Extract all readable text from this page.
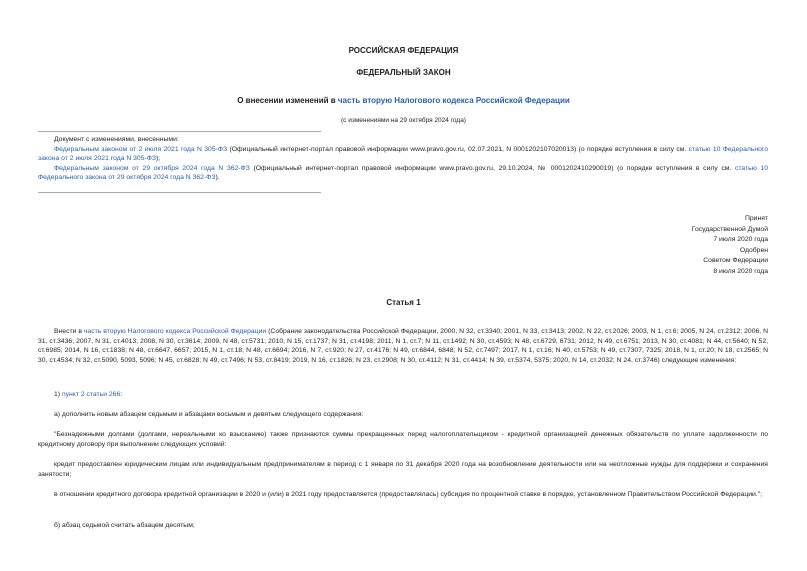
РОССИЙСКАЯ ФЕДЕРАЦИЯ
ФЕДЕРАЛЬНЫЙ ЗАКОН
О внесении изменений в часть вторую Налогового кодекса Российской Федерации
(с изменениями на 29 октября 2024 года)
Документ с изменениями, внесенными:
Федеральным законом от 2 июля 2021 года N 305-ФЗ (Официальный интернет-портал правовой информации www.pravo.gov.ru, 02.07.2021, N 0001202107020013) (о порядке вступления в силу см. статью 10 Федерального закона от 2 июля 2021 года N 305-ФЗ);
Федеральным законом от 29 октября 2024 года N 362-ФЗ (Официальный интернет-портал правовой информации www.pravo.gov.ru, 29.10.2024, № 0001202410290019) (о порядке вступления в силу см. статью 10 Федерального закона от 29 октября 2024 года N 362-ФЗ).
Принят
Государственной Думой
7 июля 2020 года
Одобрен
Советом Федерации
8 июля 2020 года
Статья 1
Внести в часть вторую Налогового кодекса Российской Федерации (Собрание законодательства Российской Федерации, 2000, N 32, ст.3340; 2001, N 33, ст.3413; 2002, N 22, ст.2026; 2003, N 1, ст.6; 2005, N 24, ст.2312; 2006, N 31, ст.3436; 2007, N 31, ст.4013; 2008, N 30, ст.3614; 2009, N 48, ст.5731; 2010, N 15, ст.1737; N 31, ст.4198; 2011, N 1, ст.7; N 11, ст.1492; N 30, ст.4593; N 48, ст.6729, 6731; 2012, N 49, ст.6751; 2013, N 30, ст.4081; N 44, ст.5640; N 52, ст.6985; 2014, N 16, ст.1838; N 48, ст.6647, 6657; 2015, N 1, ст.18; N 48, ст.6694; 2016, N 7, ст.920; N 27, ст.4176; N 49, ст.6844, 6848; N 52, ст.7497; 2017, N 1, ст.16; N 40, ст.5753; N 49, ст.7307, 7325; 2018, N 1, ст.20; N 18, ст.2565; N 30, ст.4534; N 32, ст.5090, 5093, 5096; N 45, ст.6828; N 49, ст.7496; N 53, ст.8419; 2019, N 16, ст.1826; N 23, ст.2908; N 30, ст.4112; N 31, ст.4414; N 39, ст.5374, 5375; 2020, N 14, ст.2032; N 24, ст.3746) следующие изменения:
1) пункт 2 статьи 266:
а) дополнить новым абзацем седьмым и абзацами восьмым и девятым следующего содержания:
"Безнадежными долгами (долгами, нереальными ко взысканию) также признаются суммы прекращенных перед налогоплательщиком - кредитной организацией денежных обязательств по уплате задолженности по кредитному договору при выполнении следующих условий:
кредит предоставлен юридическим лицам или индивидуальным предпринимателям в период с 1 января по 31 декабря 2020 года на возобновление деятельности или на неотложные нужды для поддержки и сохранения занятости;
в отношении кредитного договора кредитной организации в 2020 и (или) в 2021 году предоставляется (предоставлялась) субсидия по процентной ставке в порядке, установленном Правительством Российской Федерации.";
б) абзац седьмой считать абзацем десятым;
